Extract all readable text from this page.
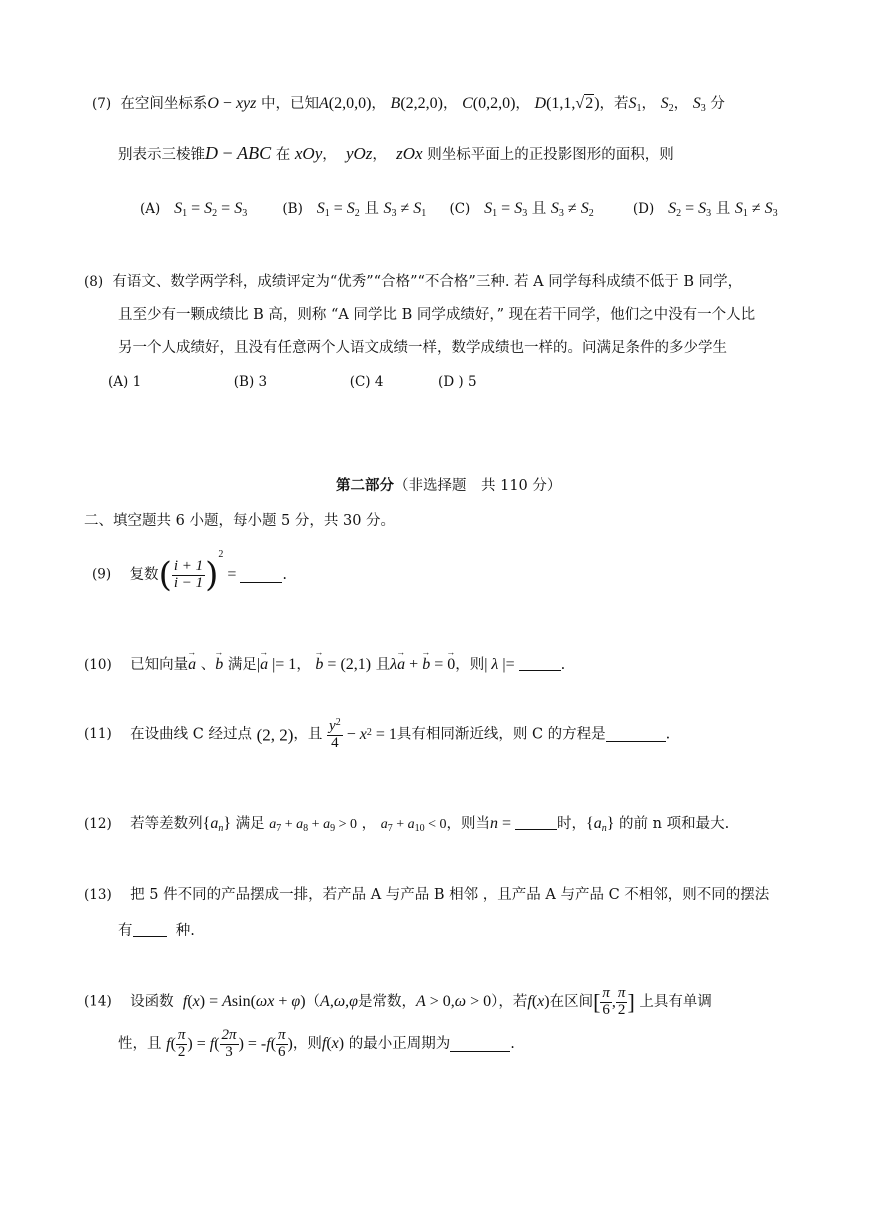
(7) 在空间坐标系O − xyz 中，已知A(2,0,0)， B(2,2,0)， C(0,2,0)， D(1,1,√2)，若$S_1$， $S_2$， $S_3$ 分
别表示三棱锥D − ABC 在 xOy，  yOz，  zOx 则坐标平面上的正投影图形的面积，则
(A) $S_1 = S_2 = S_3$	(B) $S_1 = S_2$ 且 $S_3 \ne S_1$ (C) $S_1 = S_3$ 且 $S_3 \ne S_2$	(D) $S_2 = S_3$ 且 $S_1 \ne S_3$
(8) 有语文、数学两学科，成绩评定为“优秀”“合格”“不合格”三种. 若 A 同学每科成绩不低于 B 同学，
且至少有一颗成绩比 B 高，则称 “A 同学比 B 同学成绩好，” 现在若干同学，他们之中没有一个人比
另一个人成绩好，且没有任意两个人语文成绩一样，数学成绩也一样的。问满足条件的多少学生
(A) 1	(B) 3	(C) 4	(D ) 5
第二部分（非选择题　共 110 分）
二、填空题共 6 小题，每小题 5 分，共 30 分。
(9) 复数( $\frac{i + 1}{i - 1} )^2$ =	.
(10) 已知向量→ a 、→ b 满足|→ a |= 1， → b = (2,1) 且λ→ a + → b = → 0，则| λ |=	.
(11) 在设曲线 C 经过点 (2, 2)，且 $\frac{y^2}{4} - x^2 = 1$具有相同渐近线，则 C 的方程是	.
(12) 若等差数列$\{a_n\}$ 满足 $a_7 + a_8 + a_9 > 0$ ， $a_7 + a_{10} < 0$，则当n =	时，$\{a_n\}$ 的前 n 项和最大.
(13) 把 5 件不同的产品摆成一排，若产品 A 与产品 B 相邻 ，且产品 A 与产品 C 不相邻，则不同的摆法
有	种.
(14) 设函数 f(x) = Asin(ωx + φ)（A,ω,φ是常数，A > 0,ω > 0），若f(x)在区间[ $\frac{\pi}{6}$ , $\frac{\pi}{2}$ ] 上具有单调
性，且 $f( \frac{\pi}{2}$ ) = $f( \frac{2\pi}{3}$ ) = $-f( \frac{\pi}{6}$ )，则f(x) 的最小正周期为	.
